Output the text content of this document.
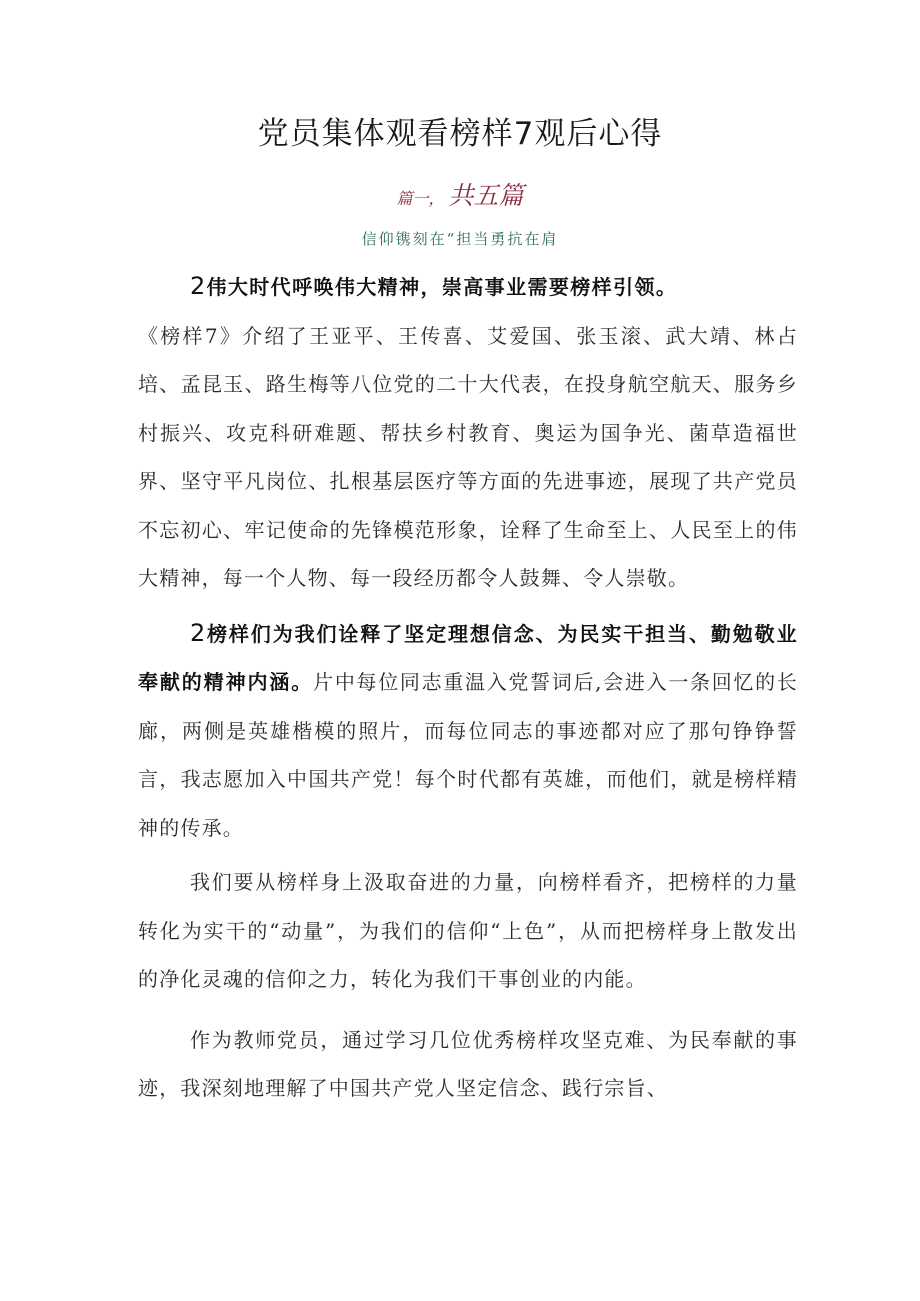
党员集体观看榜样7观后心得
篇一， 共五篇

信仰镌刻在“担当勇抗在肩

2伟大时代呼唤伟大精神，崇高事业需要榜样引领。

《榜样7》介绍了王亚平、王传喜、艾爱国、张玉滚、武大靖、林占培、孟昆玉、路生梅等八位党的二十大代表，在投身航空航天、服务乡村振兴、攻克科研难题、帮扶乡村教育、奥运为国争光、菌草造福世界、坚守平凡岗位、扎根基层医疗等方面的先进事迹，展现了共产党员不忘初心、牢记使命的先锋模范形象，诠释了生命至上、人民至上的伟大精神，每一个人物、每一段经历都令人鼓舞、令人崇敬。

2榜样们为我们诠释了坚定理想信念、为民实干担当、勤勉敬业奉献的精神内涵。片中每位同志重温入党誓词后,会进入一条回忆的长廊，两侧是英雄楷模的照片，而每位同志的事迹都对应了那句铮铮誓言，我志愿加入中国共产党！每个时代都有英雄，而他们，就是榜样精神的传承。

我们要从榜样身上汲取奋进的力量，向榜样看齐，把榜样的力量转化为实干的“动量”，为我们的信仰“上色”，从而把榜样身上散发出的净化灵魂的信仰之力，转化为我们干事创业的内能。

作为教师党员，通过学习几位优秀榜样攻坚克难、为民奉献的事迹，我深刻地理解了中国共产党人坚定信念、践行宗旨、
